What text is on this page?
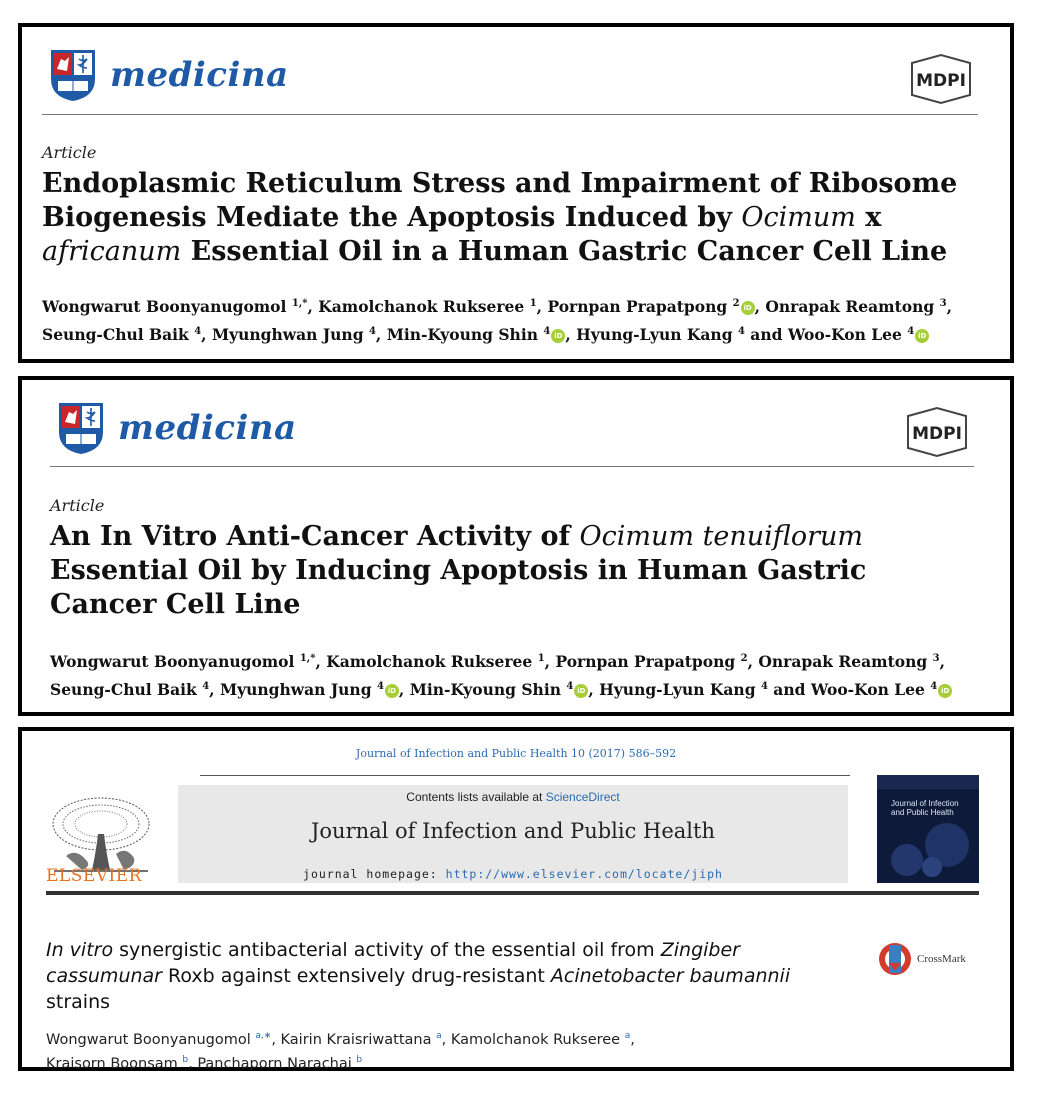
medicina	MDPI
Article
Endoplasmic Reticulum Stress and Impairment of Ribosome Biogenesis Mediate the Apoptosis Induced by Ocimum x africanum Essential Oil in a Human Gastric Cancer Cell Line
Wongwarut Boonyanugomol $^{1,*}$, Kamolchanok Rukseree $^1$, Pornpan Prapatpong $^2$ iD , Onrapak Reamtong $^3$,
Seung-Chul Baik $^4$, Myunghwan Jung $^4$, Min-Kyoung Shin $^4$ iD , Hyung-Lyun Kang $^4$ and Woo-Kon Lee $^4$ iD
medicina	MDPI
Article
An In Vitro Anti-Cancer Activity of Ocimum tenuiflorum Essential Oil by Inducing Apoptosis in Human Gastric Cancer Cell Line
Wongwarut Boonyanugomol $^{1,*}$, Kamolchanok Rukseree $^1$, Pornpan Prapatpong $^2$, Onrapak Reamtong $^3$,
Seung-Chul Baik $^4$, Myunghwan Jung $^4$ iD , Min-Kyoung Shin $^4$ iD , Hyung-Lyun Kang $^4$ and Woo-Kon Lee $^4$ iD
Journal of Infection and Public Health 10 (2017) 586–592
ELSEVIER
Contents lists available at ScienceDirect
Journal of Infection and Public Health
journal homepage: http://www.elsevier.com/locate/jiph
Journal of Infection and Public Health
In vitro synergistic antibacterial activity of the essential oil from Zingiber cassumunar Roxb against extensively drug-resistant Acinetobacter baumannii strains
CrossMark
Wongwarut Boonyanugomol $^{a,∗}$, Kairin Kraisriwattana $^a$, Kamolchanok Rukseree $^a$,
Kraisorn Boonsam $^b$, Panchaporn Narachai $^b$
